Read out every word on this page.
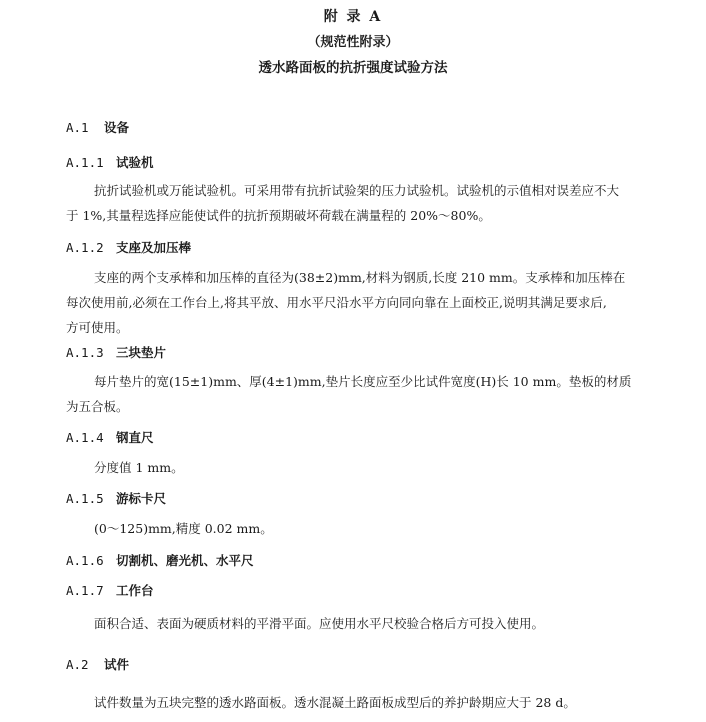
附 录 A
（规范性附录）
透水路面板的抗折强度试验方法
A.1 设备
A.1.1 试验机
抗折试验机或万能试验机。可采用带有抗折试验架的压力试验机。试验机的示值相对误差应不大
于 1%,其量程选择应能使试件的抗折预期破坏荷载在满量程的 20%～80%。
A.1.2 支座及加压棒
支座的两个支承棒和加压棒的直径为(38±2)mm,材料为钢质,长度 210 mm。支承棒和加压棒在
每次使用前,必须在工作台上,将其平放、用水平尺沿水平方向同向靠在上面校正,说明其满足要求后,
方可使用。
A.1.3 三块垫片
每片垫片的宽(15±1)mm、厚(4±1)mm,垫片长度应至少比试件宽度(H)长 10 mm。垫板的材质
为五合板。
A.1.4 钢直尺
分度值 1 mm。
A.1.5 游标卡尺
(0～125)mm,精度 0.02 mm。
A.1.6 切割机、磨光机、水平尺
A.1.7 工作台
面积合适、表面为硬质材料的平滑平面。应使用水平尺校验合格后方可投入使用。
A.2 试件
试件数量为五块完整的透水路面板。透水混凝土路面板成型后的养护龄期应大于 28 d。
